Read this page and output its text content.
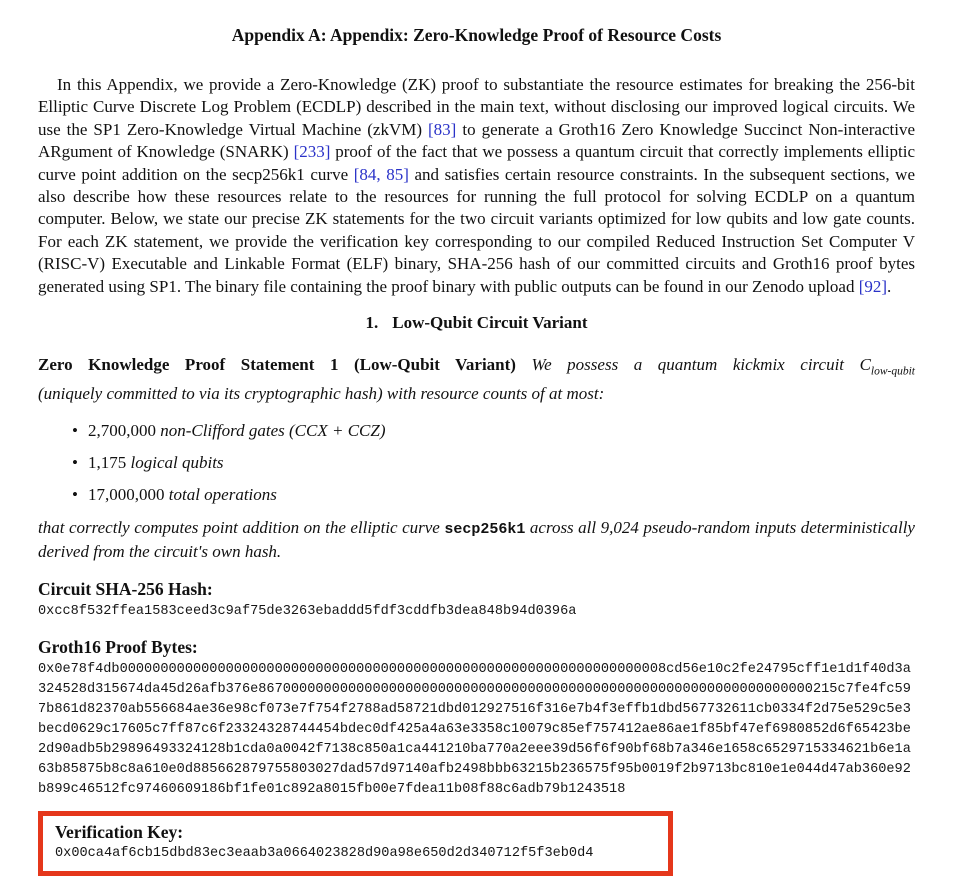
Appendix A: Appendix: Zero-Knowledge Proof of Resource Costs

In this Appendix, we provide a Zero-Knowledge (ZK) proof to substantiate the resource estimates for breaking the 256-bit Elliptic Curve Discrete Log Problem (ECDLP) described in the main text, without disclosing our improved logical circuits. We use the SP1 Zero-Knowledge Virtual Machine (zkVM) [83] to generate a Groth16 Zero Knowledge Succinct Non-interactive ARgument of Knowledge (SNARK) [233] proof of the fact that we possess a quantum circuit that correctly implements elliptic curve point addition on the secp256k1 curve [84, 85] and satisfies certain resource constraints. In the subsequent sections, we also describe how these resources relate to the resources for running the full protocol for solving ECDLP on a quantum computer. Below, we state our precise ZK statements for the two circuit variants optimized for low qubits and low gate counts. For each ZK statement, we provide the verification key corresponding to our compiled Reduced Instruction Set Computer V (RISC-V) Executable and Linkable Format (ELF) binary, SHA-256 hash of our committed circuits and Groth16 proof bytes generated using SP1. The binary file containing the proof binary with public outputs can be found in our Zenodo upload [92].

1. Low-Qubit Circuit Variant
Zero Knowledge Proof Statement 1 (Low-Qubit Variant) We possess a quantum kickmix circuit $C_{low-qubit}$
(uniquely committed to via its cryptographic hash) with resource counts of at most:
• 2,700,000 non-Clifford gates (CCX + CCZ)
• 1,175 logical qubits
• 17,000,000 total operations

that correctly computes point addition on the elliptic curve secp256k1 across all 9,024 pseudo-random inputs deterministically derived from the circuit's own hash.

Circuit SHA-256 Hash:
0xcc8f532ffea1583ceed3c9af75de3263ebaddd5fdf3cddfb3dea848b94d0396a
Groth16 Proof Bytes:
0x0e78f4db0000000000000000000000000000000000000000000000000000000000000000008cd56e10c2fe24795cff1e1d1f40d3a
324528d315674da45d26afb376e86700000000000000000000000000000000000000000000000000000000000000000215c7fe4fc59
7b861d82370ab556684ae36e98cf073e7f754f2788ad58721dbd012927516f316e7b4f3effb1dbd567732611cb0334f2d75e529c5e3
becd0629c17605c7ff87c6f23324328744454bdec0df425a4a63e3358c10079c85ef757412ae86ae1f85bf47ef6980852d6f65423be
2d90adb5b29896493324128b1cda0a0042f7138c850a1ca441210ba770a2eee39d56f6f90bf68b7a346e1658c6529715334621b6e1a
63b85875b8c8a610e0d885662879755803027dad57d97140afb2498bbb63215b236575f95b0019f2b9713bc810e1e044d47ab360e92
b899c46512fc97460609186bf1fe01c892a8015fb00e7fdea11b08f88c6adb79b1243518
Verification Key:
0x00ca4af6cb15dbd83ec3eaab3a0664023828d90a98e650d2d340712f5f3eb0d4
